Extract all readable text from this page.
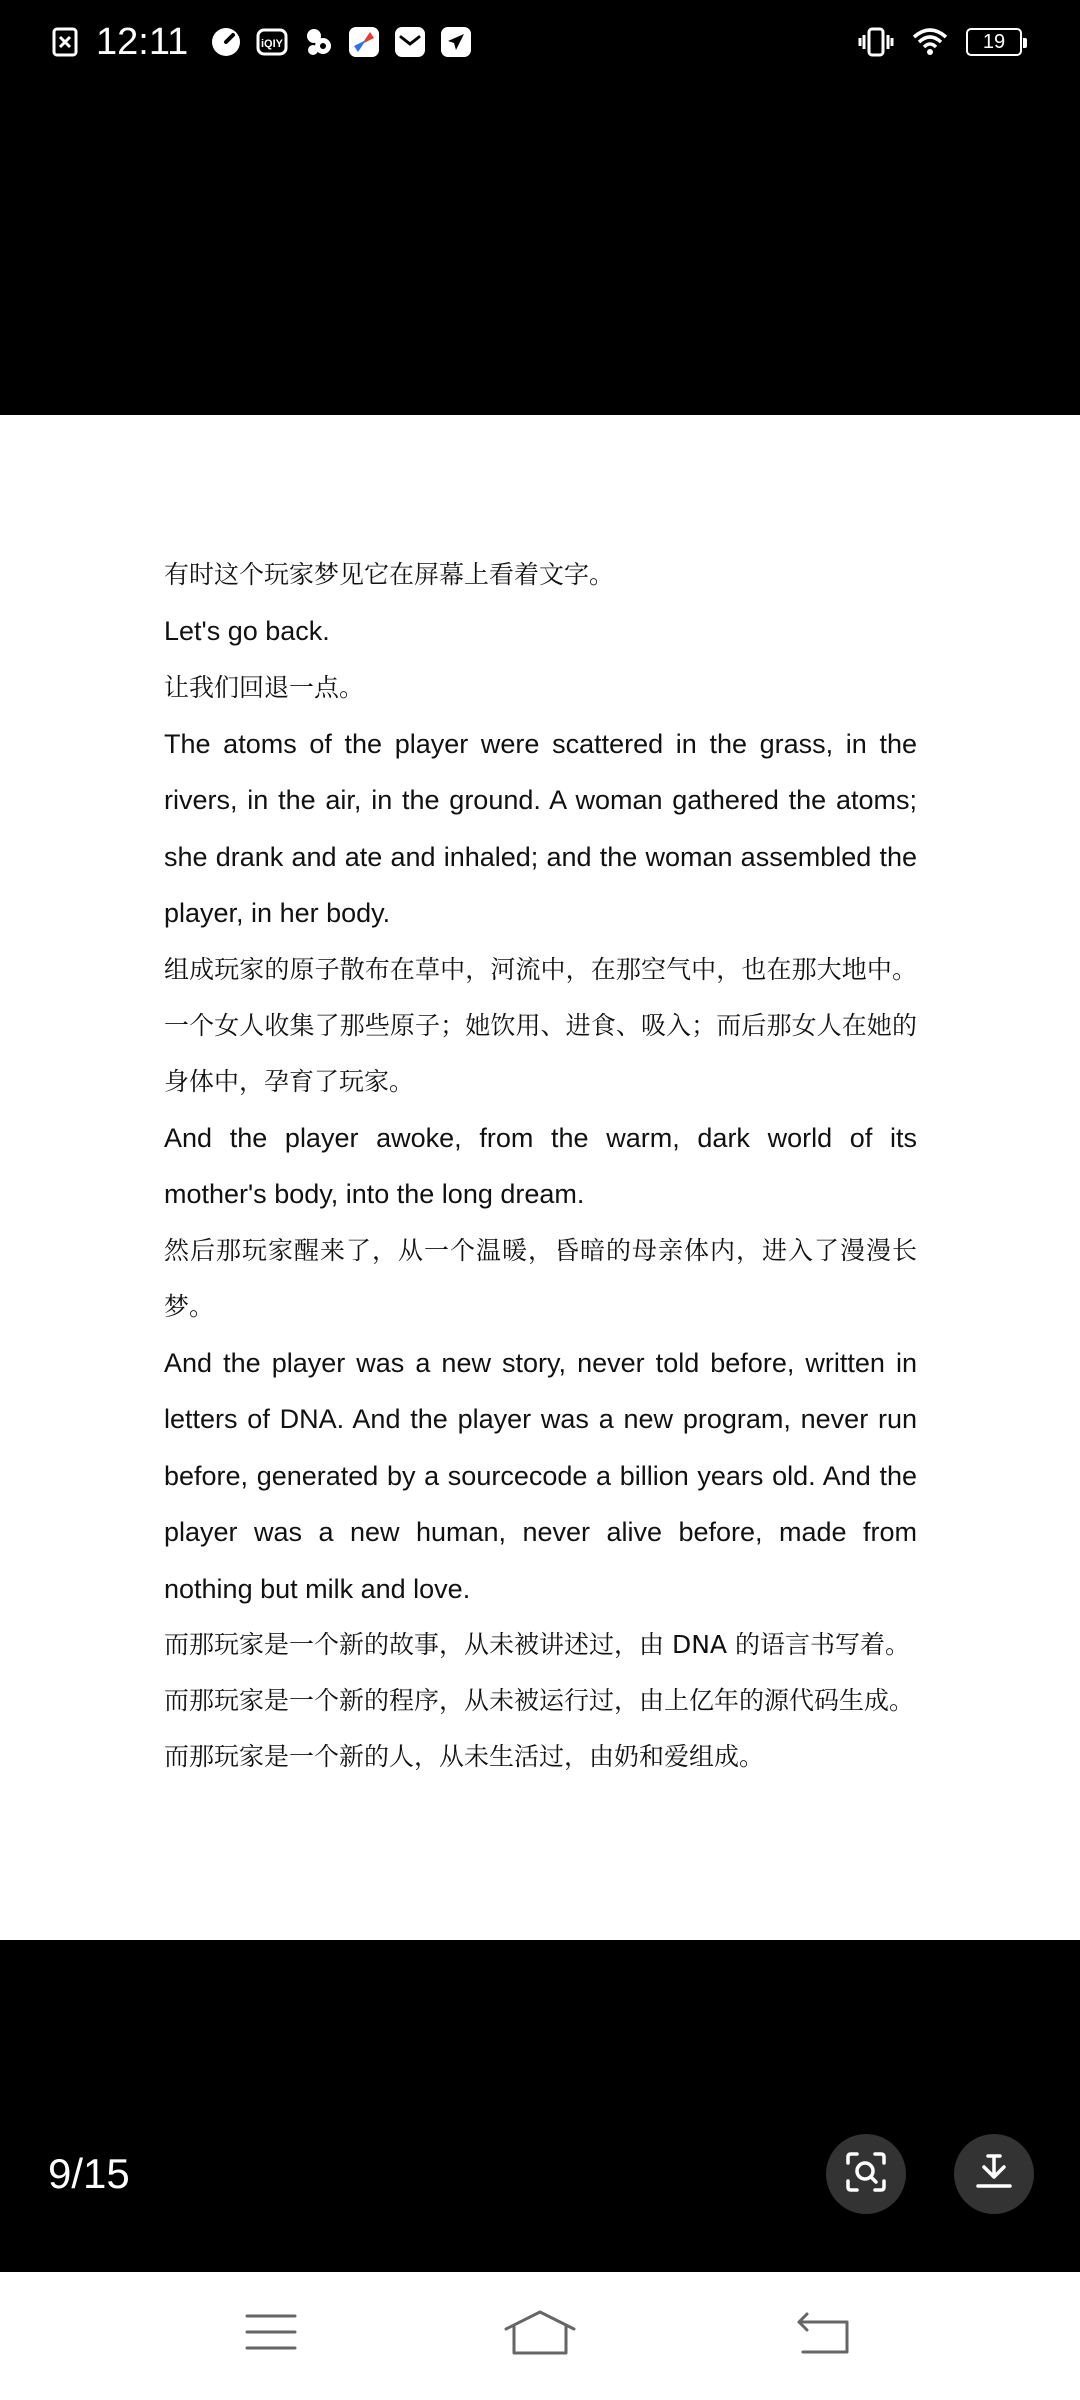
12:11	iQIY	19

有时这个玩家梦见它在屏幕上看着文字。

Let's go back.

让我们回退一点。

The atoms of the player were scattered in the grass, in the rivers, in the air, in the ground. A woman gathered the atoms; she drank and ate and inhaled; and the woman assembled the player, in her body.

组成玩家的原子散布在草中，河流中，在那空气中，也在那大地中。一个女人收集了那些原子；她饮用、进食、吸入；而后那女人在她的身体中，孕育了玩家。

And the player awoke, from the warm, dark world of its mother's body, into the long dream.

然后那玩家醒来了，从一个温暖，昏暗的母亲体内，进入了漫漫长梦。

And the player was a new story, never told before, written in letters of DNA. And the player was a new program, never run before, generated by a sourcecode a billion years old. And the player was a new human, never alive before, made from nothing but milk and love.

而那玩家是一个新的故事，从未被讲述过，由 DNA 的语言书写着。

而那玩家是一个新的程序，从未被运行过，由上亿年的源代码生成。

而那玩家是一个新的人，从未生活过，由奶和爱组成。

9/15
